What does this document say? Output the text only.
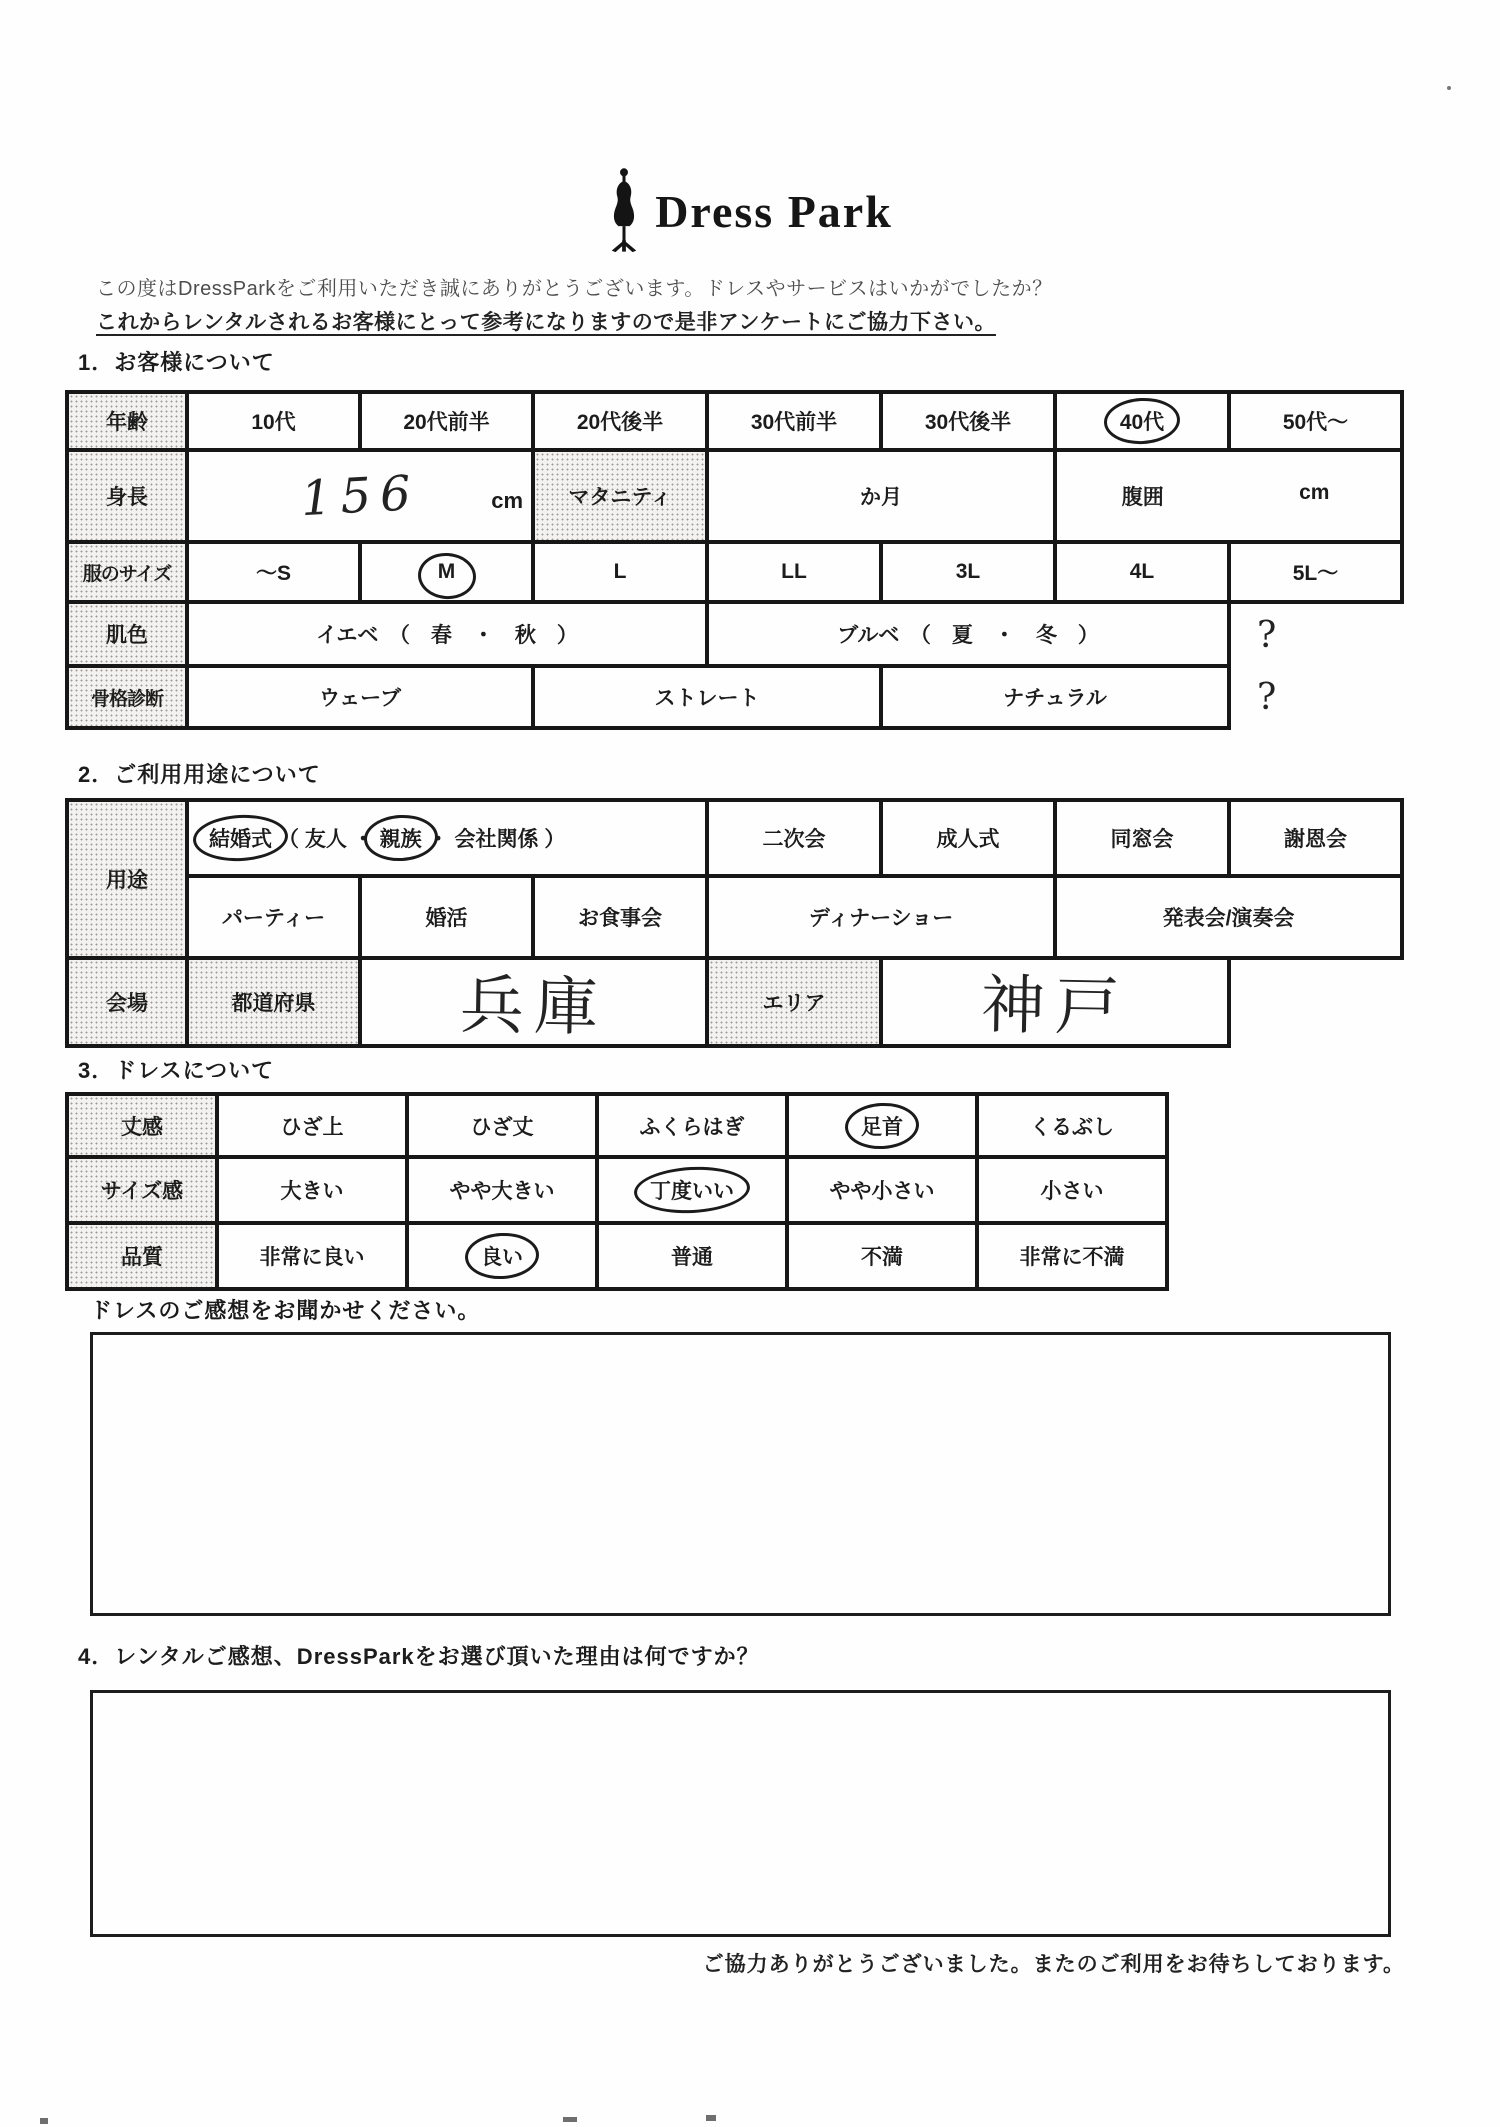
Dress Park
この度はDressParkをご利用いただき誠にありがとうございます。ドレスやサービスはいかがでしたか？
これからレンタルされるお客様にとって参考になりますので是非アンケートにご協力下さい。
1．お客様について
年齢	10代	20代前半	20代後半	30代前半	30代後半	40代	50代～
身長	156 cm		マタニティ	か月		腹囲 cm	

服のサイズ	～S	M	L	LL	3L	4L	5L～
肌色	イエベ　（　春　・　秋　）			ブルベ　（　夏　・　冬　）			?
骨格診断	ウェーブ		ストレート		ナチュラル		?
2．ご利用用途について
用途	結婚式 （ 友人 ・ 親族 ・ 会社関係 ）			二次会	成人式	同窓会	謝恩会
	パーティー	婚活	お食事会	ディナーショー		発表会/演奏会	
会場	都道府県	兵庫		エリア	神戸		
3．ドレスについて
丈感	ひざ上	ひざ丈	ふくらはぎ	足首	くるぶし
サイズ感	大きい	やや大きい	丁度いい	やや小さい	小さい
品質	非常に良い	良い	普通	不満	非常に不満
ドレスのご感想をお聞かせください。
4．レンタルご感想、DressParkをお選び頂いた理由は何ですか？
ご協力ありがとうございました。またのご利用をお待ちしております。
